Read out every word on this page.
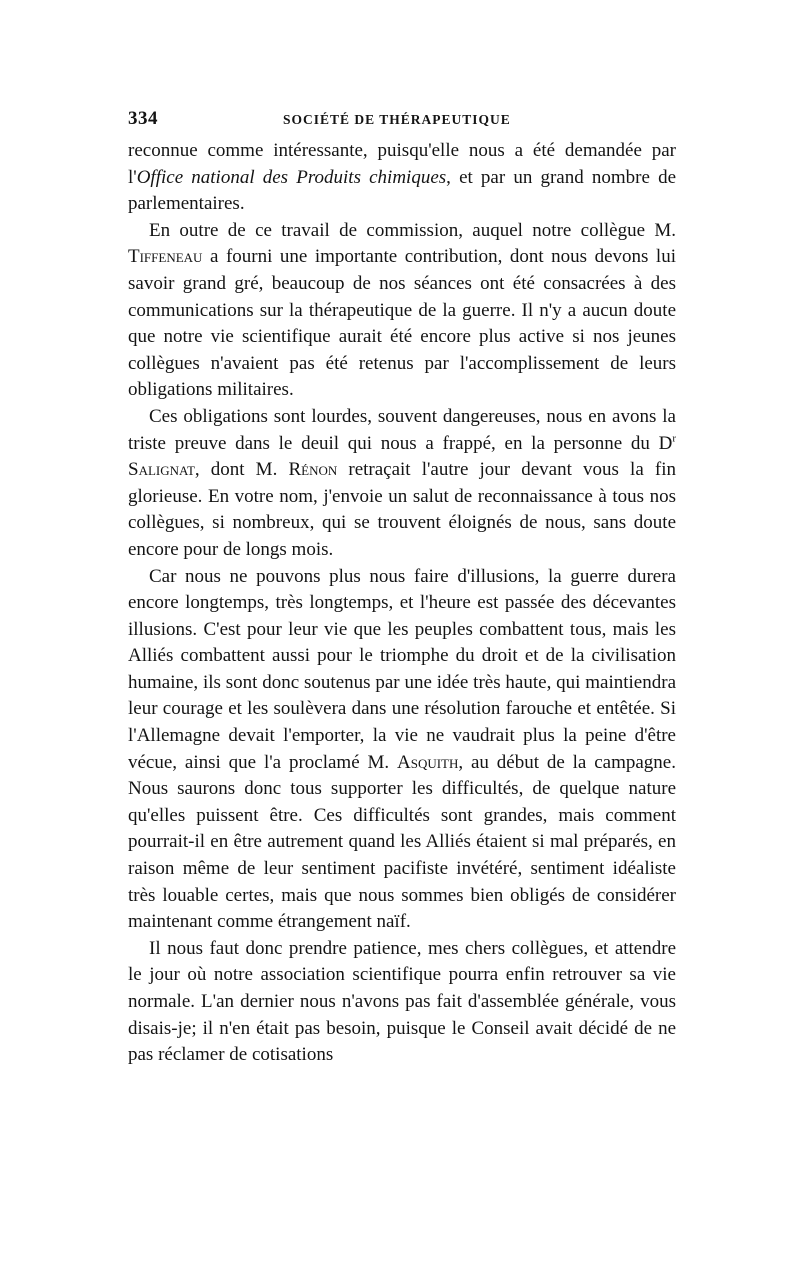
334	SOCIÉTÉ DE THÉRAPEUTIQUE

reconnue comme intéressante, puisqu'elle nous a été demandée par l'Office national des Produits chimiques, et par un grand nombre de parlementaires.

En outre de ce travail de commission, auquel notre collègue M. Tiffeneau a fourni une importante contribution, dont nous devons lui savoir grand gré, beaucoup de nos séances ont été consacrées à des communications sur la thérapeutique de la guerre. Il n'y a aucun doute que notre vie scientifique aurait été encore plus active si nos jeunes collègues n'avaient pas été retenus par l'accomplissement de leurs obligations militaires.

Ces obligations sont lourdes, souvent dangereuses, nous en avons la triste preuve dans le deuil qui nous a frappé, en la personne du $D^r$ Salignat, dont M. Rénon retraçait l'autre jour devant vous la fin glorieuse. En votre nom, j'envoie un salut de reconnaissance à tous nos collègues, si nombreux, qui se trouvent éloignés de nous, sans doute encore pour de longs mois.

Car nous ne pouvons plus nous faire d'illusions, la guerre durera encore longtemps, très longtemps, et l'heure est passée des décevantes illusions. C'est pour leur vie que les peuples combattent tous, mais les Alliés combattent aussi pour le triomphe du droit et de la civilisation humaine, ils sont donc soutenus par une idée très haute, qui maintiendra leur courage et les soulèvera dans une résolution farouche et entêtée. Si l'Allemagne devait l'emporter, la vie ne vaudrait plus la peine d'être vécue, ainsi que l'a proclamé M. Asquith, au début de la campagne. Nous saurons donc tous supporter les difficultés, de quelque nature qu'elles puissent être. Ces difficultés sont grandes, mais comment pourrait-il en être autrement quand les Alliés étaient si mal préparés, en raison même de leur sentiment pacifiste invétéré, sentiment idéaliste très louable certes, mais que nous sommes bien obligés de considérer maintenant comme étrangement naïf.

Il nous faut donc prendre patience, mes chers collègues, et attendre le jour où notre association scientifique pourra enfin retrouver sa vie normale. L'an dernier nous n'avons pas fait d'assemblée générale, vous disais-je; il n'en était pas besoin, puisque le Conseil avait décidé de ne pas réclamer de cotisations
